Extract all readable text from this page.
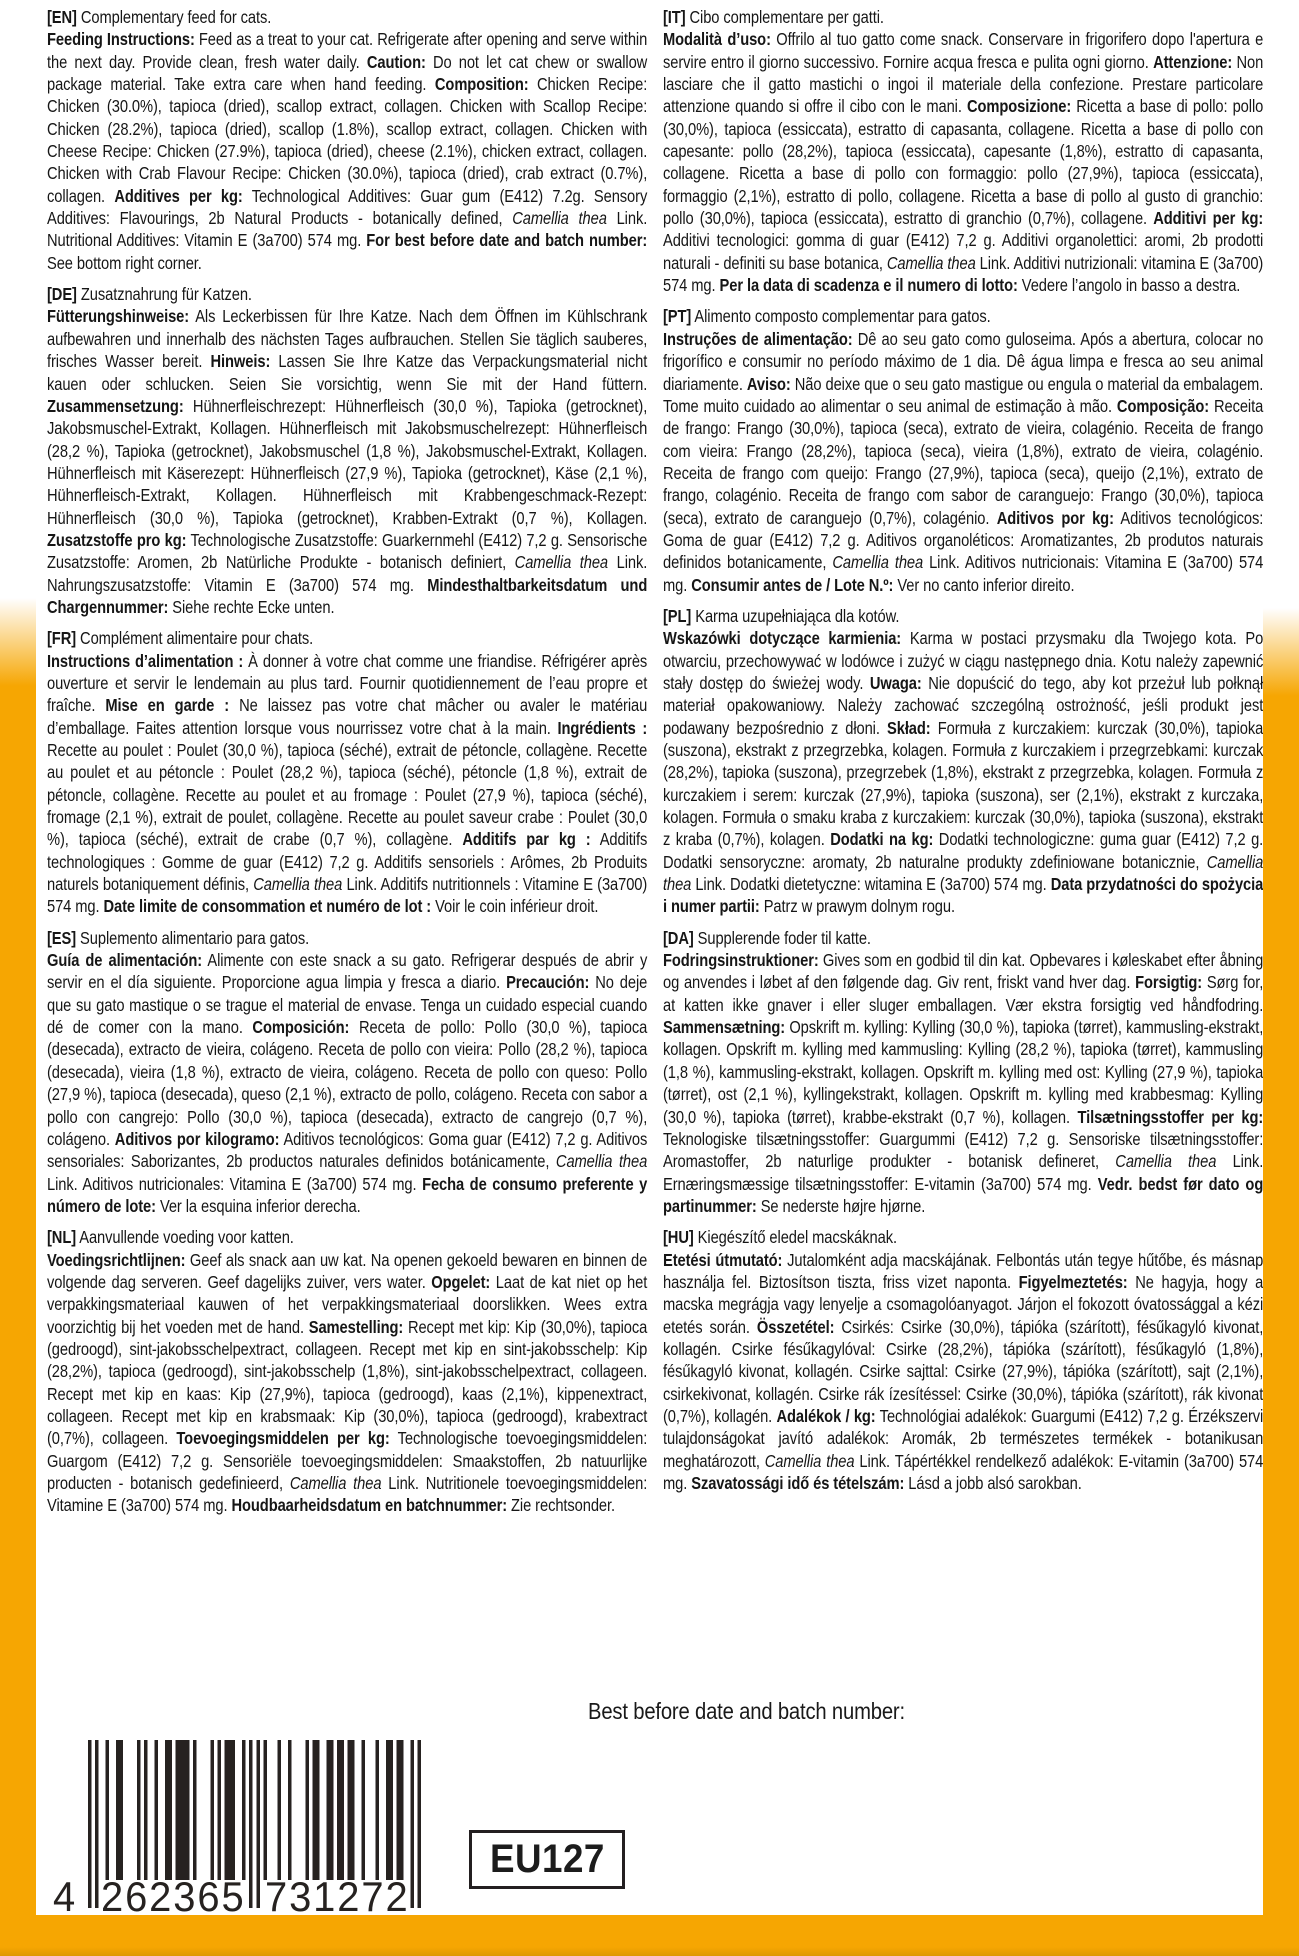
[EN] Complementary feed for cats.

Feeding Instructions: Feed as a treat to your cat. Refrigerate after opening and serve within the next day. Provide clean, fresh water daily. Caution: Do not let cat chew or swallow package material. Take extra care when hand feeding. Composition: Chicken Recipe: Chicken (30.0%), tapioca (dried), scallop extract, collagen. Chicken with Scallop Recipe: Chicken (28.2%), tapioca (dried), scallop (1.8%), scallop extract, collagen. Chicken with Cheese Recipe: Chicken (27.9%), tapioca (dried), cheese (2.1%), chicken extract, collagen. Chicken with Crab Flavour Recipe: Chicken (30.0%), tapioca (dried), crab extract (0.7%), collagen. Additives per kg: Technological Additives: Guar gum (E412) 7.2g. Sensory Additives: Flavourings, 2b Natural Products - botanically defined, Camellia thea Link. Nutritional Additives: Vitamin E (3a700) 574 mg. For best before date and batch number: See bottom right corner.

[DE] Zusatznahrung für Katzen.

Fütterungshinweise: Als Leckerbissen für Ihre Katze. Nach dem Öffnen im Kühlschrank aufbewahren und innerhalb des nächsten Tages aufbrauchen. Stellen Sie täglich sauberes, frisches Wasser bereit. Hinweis: Lassen Sie Ihre Katze das Verpackungsmaterial nicht kauen oder schlucken. Seien Sie vorsichtig, wenn Sie mit der Hand füttern. Zusammensetzung: Hühnerfleischrezept: Hühnerfleisch (30,0 %), Tapioka (getrocknet), Jakobsmuschel-Extrakt, Kollagen. Hühnerfleisch mit Jakobsmuschelrezept: Hühnerfleisch (28,2 %), Tapioka (getrocknet), Jakobsmuschel (1,8 %), Jakobsmuschel-Extrakt, Kollagen. Hühnerfleisch mit Käserezept: Hühnerfleisch (27,9 %), Tapioka (getrocknet), Käse (2,1 %), Hühnerfleisch-Extrakt, Kollagen. Hühnerfleisch mit Krabbengeschmack-Rezept: Hühnerfleisch (30,0 %), Tapioka (getrocknet), Krabben-Extrakt (0,7 %), Kollagen. Zusatzstoffe pro kg: Technologische Zusatzstoffe: Guarkernmehl (E412) 7,2 g. Sensorische Zusatzstoffe: Aromen, 2b Natürliche Produkte - botanisch definiert, Camellia thea Link. Nahrungszusatzstoffe: Vitamin E (3a700) 574 mg. Mindesthaltbarkeitsdatum und Chargennummer: Siehe rechte Ecke unten.

[FR] Complément alimentaire pour chats.

Instructions d’alimentation : À donner à votre chat comme une friandise. Réfrigérer après ouverture et servir le lendemain au plus tard. Fournir quotidiennement de l’eau propre et fraîche. Mise en garde : Ne laissez pas votre chat mâcher ou avaler le matériau d’emballage. Faites attention lorsque vous nourrissez votre chat à la main. Ingrédients : Recette au poulet : Poulet (30,0 %), tapioca (séché), extrait de pétoncle, collagène. Recette au poulet et au pétoncle : Poulet (28,2 %), tapioca (séché), pétoncle (1,8 %), extrait de pétoncle, collagène. Recette au poulet et au fromage : Poulet (27,9 %), tapioca (séché), fromage (2,1 %), extrait de poulet, collagène. Recette au poulet saveur crabe : Poulet (30,0 %), tapioca (séché), extrait de crabe (0,7 %), collagène. Additifs par kg : Additifs technologiques : Gomme de guar (E412) 7,2 g. Additifs sensoriels : Arômes, 2b Produits naturels botaniquement définis, Camellia thea Link. Additifs nutritionnels : Vitamine E (3a700) 574 mg. Date limite de consommation et numéro de lot : Voir le coin inférieur droit.

[ES] Suplemento alimentario para gatos.

Guía de alimentación: Alimente con este snack a su gato. Refrigerar después de abrir y servir en el día siguiente. Proporcione agua limpia y fresca a diario. Precaución: No deje que su gato mastique o se trague el material de envase. Tenga un cuidado especial cuando dé de comer con la mano. Composición: Receta de pollo: Pollo (30,0 %), tapioca (desecada), extracto de vieira, colágeno. Receta de pollo con vieira: Pollo (28,2 %), tapioca (desecada), vieira (1,8 %), extracto de vieira, colágeno. Receta de pollo con queso: Pollo (27,9 %), tapioca (desecada), queso (2,1 %), extracto de pollo, colágeno. Receta con sabor a pollo con cangrejo: Pollo (30,0 %), tapioca (desecada), extracto de cangrejo (0,7 %), colágeno. Aditivos por kilogramo: Aditivos tecnológicos: Goma guar (E412) 7,2 g. Aditivos sensoriales: Saborizantes, 2b productos naturales definidos botánicamente, Camellia thea Link. Aditivos nutricionales: Vitamina E (3a700) 574 mg. Fecha de consumo preferente y número de lote: Ver la esquina inferior derecha.

[NL] Aanvullende voeding voor katten.

Voedingsrichtlijnen: Geef als snack aan uw kat. Na openen gekoeld bewaren en binnen de volgende dag serveren. Geef dagelijks zuiver, vers water. Opgelet: Laat de kat niet op het verpakkingsmateriaal kauwen of het verpakkingsmateriaal doorslikken. Wees extra voorzichtig bij het voeden met de hand. Samestelling: Recept met kip: Kip (30,0%), tapioca (gedroogd), sint-jakobsschelpextract, collageen. Recept met kip en sint-jakobsschelp: Kip (28,2%), tapioca (gedroogd), sint-jakobsschelp (1,8%), sint-jakobsschelpextract, collageen. Recept met kip en kaas: Kip (27,9%), tapioca (gedroogd), kaas (2,1%), kippenextract, collageen. Recept met kip en krabsmaak: Kip (30,0%), tapioca (gedroogd), krabextract (0,7%), collageen. Toevoegingsmiddelen per kg: Technologische toevoegingsmiddelen: Guargom (E412) 7,2 g. Sensoriële toevoegingsmiddelen: Smaakstoffen, 2b natuurlijke producten - botanisch gedefinieerd, Camellia thea Link. Nutritionele toevoegingsmiddelen: Vitamine E (3a700) 574 mg. Houdbaarheidsdatum en batchnummer: Zie rechtsonder.

[IT] Cibo complementare per gatti.

Modalità d’uso: Offrilo al tuo gatto come snack. Conservare in frigorifero dopo l'apertura e servire entro il giorno successivo. Fornire acqua fresca e pulita ogni giorno. Attenzione: Non lasciare che il gatto mastichi o ingoi il materiale della confezione. Prestare particolare attenzione quando si offre il cibo con le mani. Composizione: Ricetta a base di pollo: pollo (30,0%), tapioca (essiccata), estratto di capasanta, collagene. Ricetta a base di pollo con capesante: pollo (28,2%), tapioca (essiccata), capesante (1,8%), estratto di capasanta, collagene. Ricetta a base di pollo con formaggio: pollo (27,9%), tapioca (essiccata), formaggio (2,1%), estratto di pollo, collagene. Ricetta a base di pollo al gusto di granchio: pollo (30,0%), tapioca (essiccata), estratto di granchio (0,7%), collagene. Additivi per kg: Additivi tecnologici: gomma di guar (E412) 7,2 g. Additivi organolettici: aromi, 2b prodotti naturali - definiti su base botanica, Camellia thea Link. Additivi nutrizionali: vitamina E (3a700) 574 mg. Per la data di scadenza e il numero di lotto: Vedere l’angolo in basso a destra.

[PT] Alimento composto complementar para gatos.

Instruções de alimentação: Dê ao seu gato como guloseima. Após a abertura, colocar no frigorífico e consumir no período máximo de 1 dia. Dê água limpa e fresca ao seu animal diariamente. Aviso: Não deixe que o seu gato mastigue ou engula o material da embalagem. Tome muito cuidado ao alimentar o seu animal de estimação à mão. Composição: Receita de frango: Frango (30,0%), tapioca (seca), extrato de vieira, colagénio. Receita de frango com vieira: Frango (28,2%), tapioca (seca), vieira (1,8%), extrato de vieira, colagénio. Receita de frango com queijo: Frango (27,9%), tapioca (seca), queijo (2,1%), extrato de frango, colagénio. Receita de frango com sabor de caranguejo: Frango (30,0%), tapioca (seca), extrato de caranguejo (0,7%), colagénio. Aditivos por kg: Aditivos tecnológicos: Goma de guar (E412) 7,2 g. Aditivos organoléticos: Aromatizantes, 2b produtos naturais definidos botanicamente, Camellia thea Link. Aditivos nutricionais: Vitamina E (3a700) 574 mg. Consumir antes de / Lote N.º: Ver no canto inferior direito.

[PL] Karma uzupełniająca dla kotów.

Wskazówki dotyczące karmienia: Karma w postaci przysmaku dla Twojego kota. Po otwarciu, przechowywać w lodówce i zużyć w ciągu następnego dnia. Kotu należy zapewnić stały dostęp do świeżej wody. Uwaga: Nie dopuścić do tego, aby kot przeżuł lub połknął materiał opakowaniowy. Należy zachować szczególną ostrożność, jeśli produkt jest podawany bezpośrednio z dłoni. Skład: Formuła z kurczakiem: kurczak (30,0%), tapioka (suszona), ekstrakt z przegrzebka, kolagen. Formuła z kurczakiem i przegrzebkami: kurczak (28,2%), tapioka (suszona), przegrzebek (1,8%), ekstrakt z przegrzebka, kolagen. Formuła z kurczakiem i serem: kurczak (27,9%), tapioka (suszona), ser (2,1%), ekstrakt z kurczaka, kolagen. Formuła o smaku kraba z kurczakiem: kurczak (30,0%), tapioka (suszona), ekstrakt z kraba (0,7%), kolagen. Dodatki na kg: Dodatki technologiczne: guma guar (E412) 7,2 g. Dodatki sensoryczne: aromaty, 2b naturalne produkty zdefiniowane botanicznie, Camellia thea Link. Dodatki dietetyczne: witamina E (3a700) 574 mg. Data przydatności do spożycia i numer partii: Patrz w prawym dolnym rogu.

[DA] Supplerende foder til katte.

Fodringsinstruktioner: Gives som en godbid til din kat. Opbevares i køleskabet efter åbning og anvendes i løbet af den følgende dag. Giv rent, friskt vand hver dag. Forsigtig: Sørg for, at katten ikke gnaver i eller sluger emballagen. Vær ekstra forsigtig ved håndfodring. Sammensætning: Opskrift m. kylling: Kylling (30,0 %), tapioka (tørret), kammusling-ekstrakt, kollagen. Opskrift m. kylling med kammusling: Kylling (28,2 %), tapioka (tørret), kammusling (1,8 %), kammusling-ekstrakt, kollagen. Opskrift m. kylling med ost: Kylling (27,9 %), tapioka (tørret), ost (2,1 %), kyllingekstrakt, kollagen. Opskrift m. kylling med krabbesmag: Kylling (30,0 %), tapioka (tørret), krabbe-ekstrakt (0,7 %), kollagen. Tilsætningsstoffer per kg: Teknologiske tilsætningsstoffer: Guargummi (E412) 7,2 g. Sensoriske tilsætningsstoffer: Aromastoffer, 2b naturlige produkter - botanisk defineret, Camellia thea Link. Ernæringsmæssige tilsætningsstoffer: E-vitamin (3a700) 574 mg. Vedr. bedst før dato og partinummer: Se nederste højre hjørne.

[HU] Kiegészítő eledel macskáknak.

Etetési útmutató: Jutalomként adja macskájának. Felbontás után tegye hűtőbe, és másnap használja fel. Biztosítson tiszta, friss vizet naponta. Figyelmeztetés: Ne hagyja, hogy a macska megrágja vagy lenyelje a csomagolóanyagot. Járjon el fokozott óvatossággal a kézi etetés során. Összetétel: Csirkés: Csirke (30,0%), tápióka (szárított), fésűkagyló kivonat, kollagén. Csirke fésűkagylóval: Csirke (28,2%), tápióka (szárított), fésűkagyló (1,8%), fésűkagyló kivonat, kollagén. Csirke sajttal: Csirke (27,9%), tápióka (szárított), sajt (2,1%), csirkekivonat, kollagén. Csirke rák ízesítéssel: Csirke (30,0%), tápióka (szárított), rák kivonat (0,7%), kollagén. Adalékok / kg: Technológiai adalékok: Guargumi (E412) 7,2 g. Érzékszervi tulajdonságokat javító adalékok: Aromák, 2b természetes termékek - botanikusan meghatározott, Camellia thea Link. Tápértékkel rendelkező adalékok: E-vitamin (3a700) 574 mg. Szavatossági idő és tételszám: Lásd a jobb alsó sarokban.

Best before date and batch number:
4 262365 731272
EU127
